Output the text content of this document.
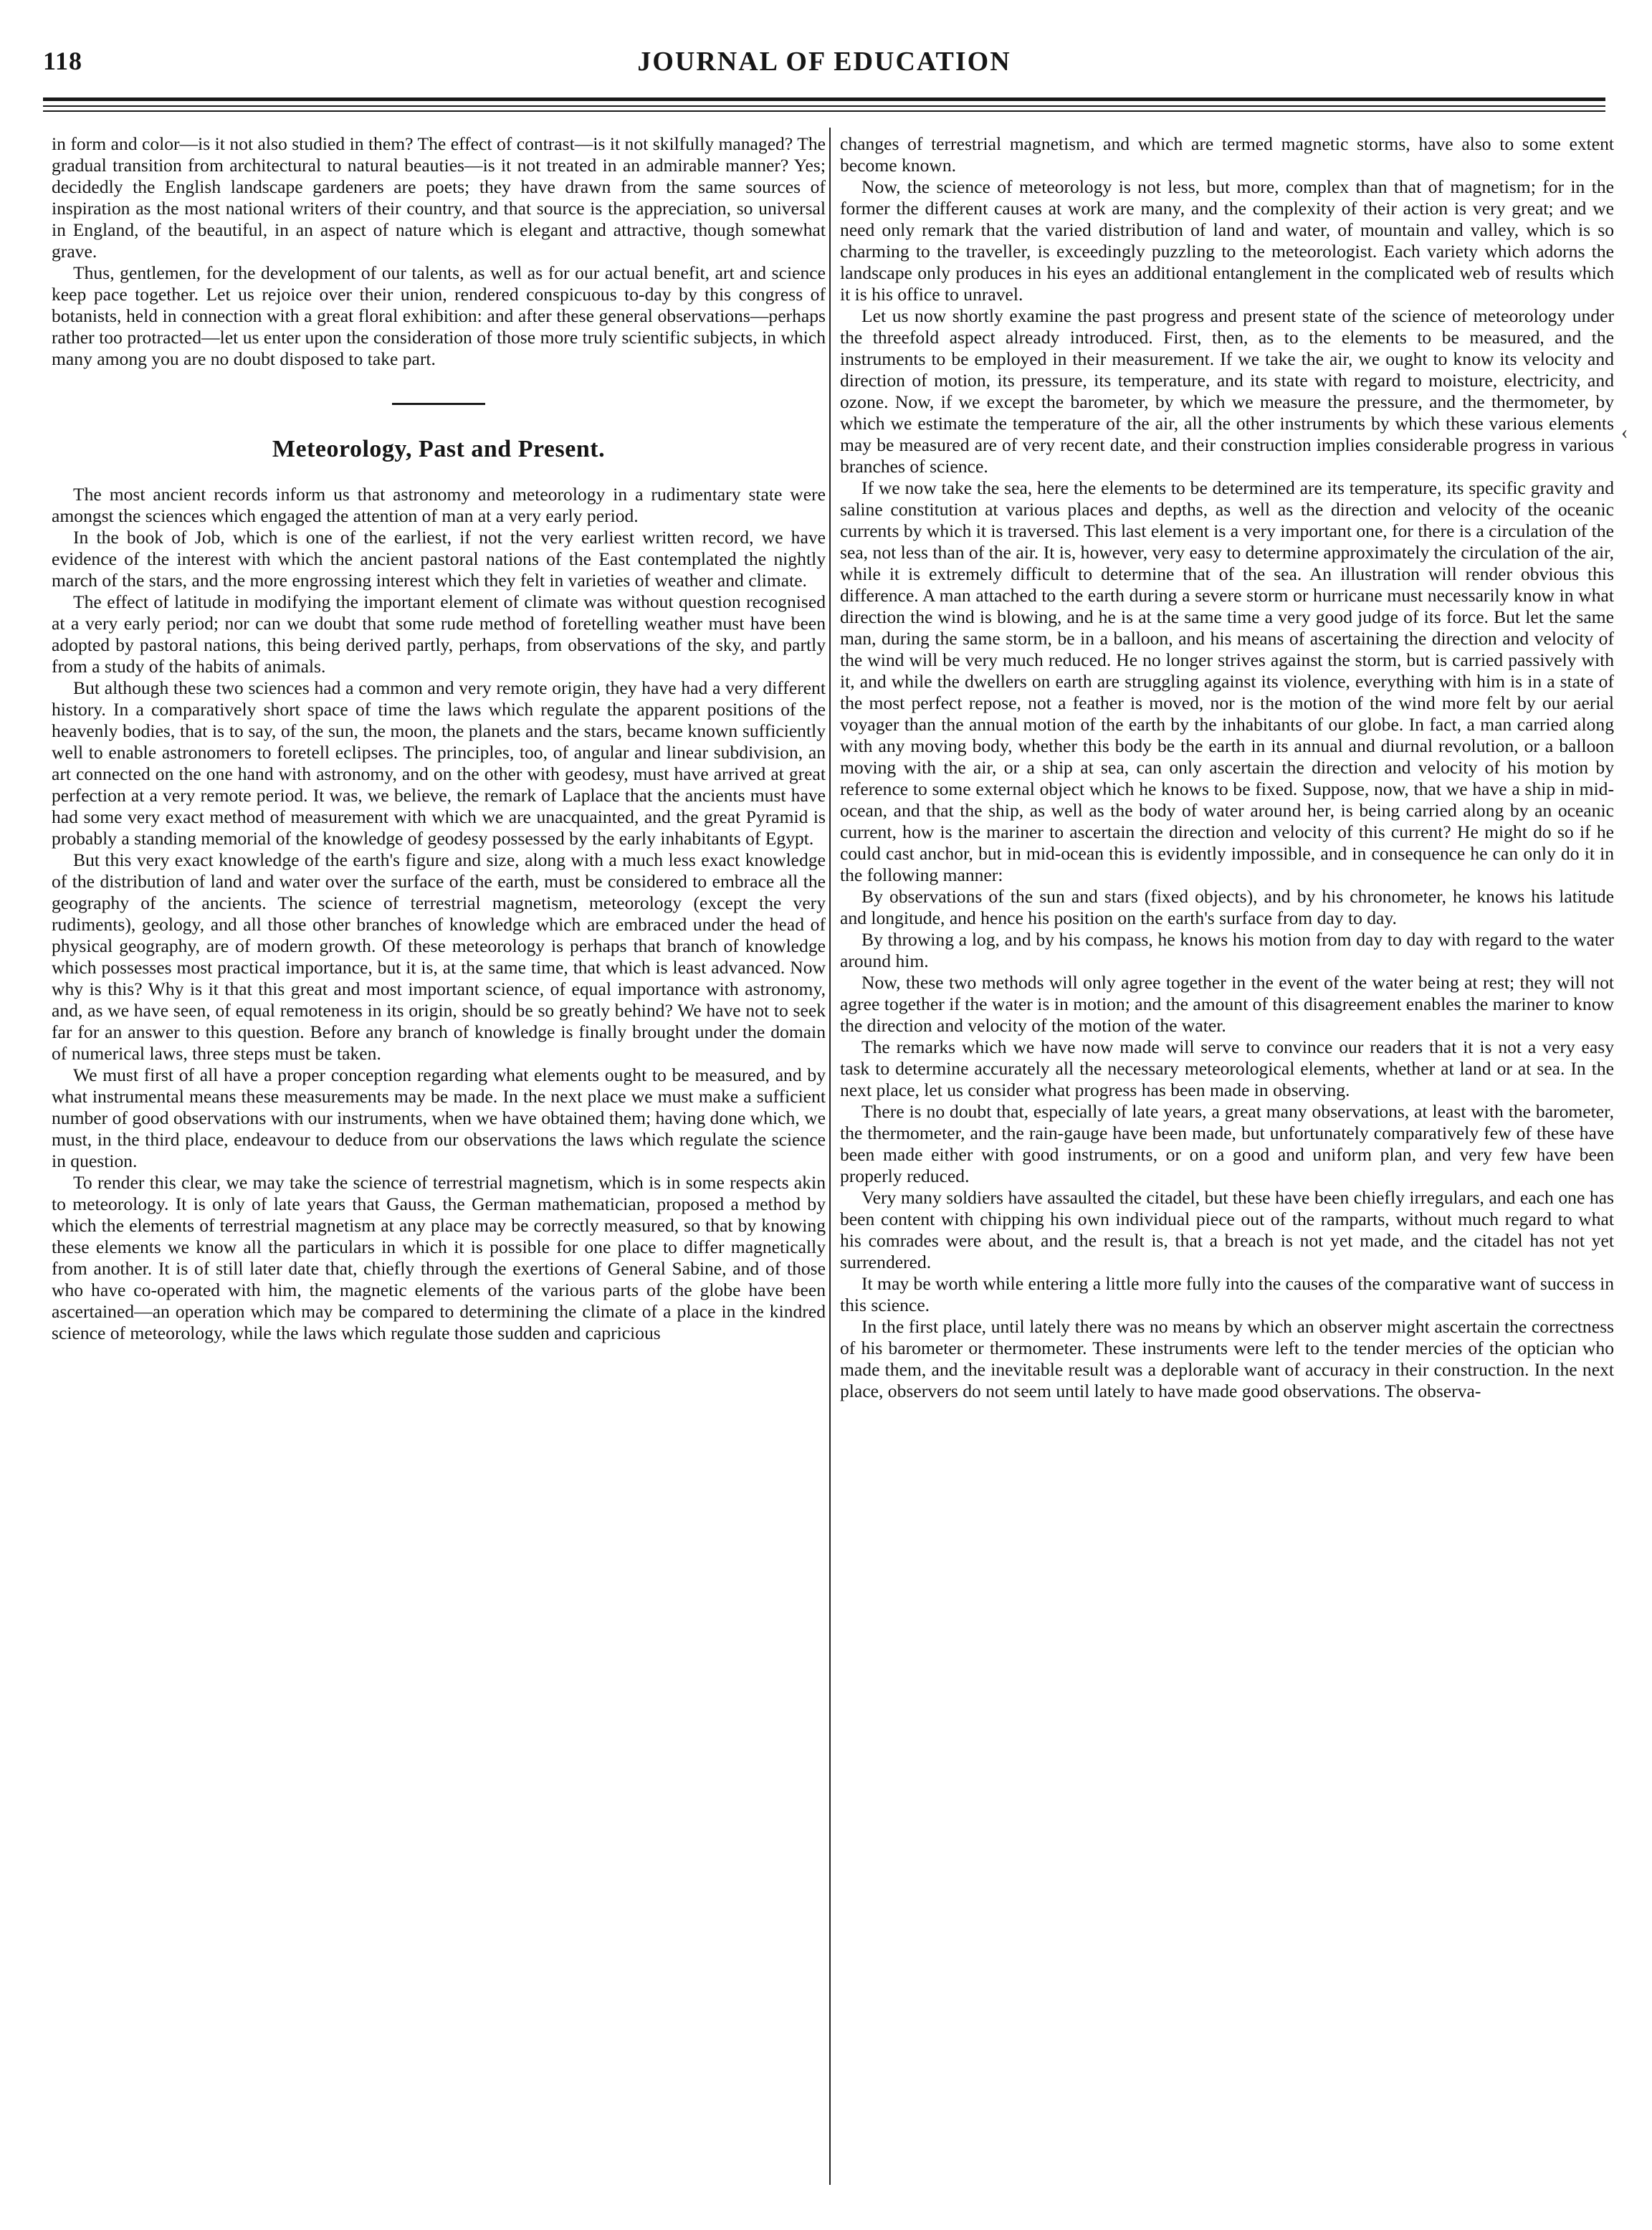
118	JOURNAL OF EDUCATION

in form and color—is it not also studied in them? The effect of contrast—is it not skilfully managed? The gradual transition from architectural to natural beauties—is it not treated in an admirable manner? Yes; decidedly the English landscape gardeners are poets; they have drawn from the same sources of inspiration as the most national writers of their country, and that source is the appreciation, so universal in England, of the beautiful, in an aspect of nature which is elegant and attractive, though somewhat grave.

Thus, gentlemen, for the development of our talents, as well as for our actual benefit, art and science keep pace together. Let us rejoice over their union, rendered conspicuous to-day by this congress of botanists, held in connection with a great floral exhibition: and after these general observations—perhaps rather too protracted—let us enter upon the consideration of those more truly scientific subjects, in which many among you are no doubt disposed to take part.

Meteorology, Past and Present.

The most ancient records inform us that astronomy and meteorology in a rudimentary state were amongst the sciences which engaged the attention of man at a very early period.

In the book of Job, which is one of the earliest, if not the very earliest written record, we have evidence of the interest with which the ancient pastoral nations of the East contemplated the nightly march of the stars, and the more engrossing interest which they felt in varieties of weather and climate.

The effect of latitude in modifying the important element of climate was without question recognised at a very early period; nor can we doubt that some rude method of foretelling weather must have been adopted by pastoral nations, this being derived partly, perhaps, from observations of the sky, and partly from a study of the habits of animals.

But although these two sciences had a common and very remote origin, they have had a very different history. In a comparatively short space of time the laws which regulate the apparent positions of the heavenly bodies, that is to say, of the sun, the moon, the planets and the stars, became known sufficiently well to enable astronomers to foretell eclipses. The principles, too, of angular and linear subdivision, an art connected on the one hand with astronomy, and on the other with geodesy, must have arrived at great perfection at a very remote period. It was, we believe, the remark of Laplace that the ancients must have had some very exact method of measurement with which we are unacquainted, and the great Pyramid is probably a standing memorial of the knowledge of geodesy possessed by the early inhabitants of Egypt.

But this very exact knowledge of the earth's figure and size, along with a much less exact knowledge of the distribution of land and water over the surface of the earth, must be considered to embrace all the geography of the ancients. The science of terrestrial magnetism, meteorology (except the very rudiments), geology, and all those other branches of knowledge which are embraced under the head of physical geography, are of modern growth. Of these meteorology is perhaps that branch of knowledge which possesses most practical importance, but it is, at the same time, that which is least advanced. Now why is this? Why is it that this great and most important science, of equal importance with astronomy, and, as we have seen, of equal remoteness in its origin, should be so greatly behind? We have not to seek far for an answer to this question. Before any branch of knowledge is finally brought under the domain of numerical laws, three steps must be taken.

We must first of all have a proper conception regarding what elements ought to be measured, and by what instrumental means these measurements may be made. In the next place we must make a sufficient number of good observations with our instruments, when we have obtained them; having done which, we must, in the third place, endeavour to deduce from our observations the laws which regulate the science in question.

To render this clear, we may take the science of terrestrial magnetism, which is in some respects akin to meteorology. It is only of late years that Gauss, the German mathematician, proposed a method by which the elements of terrestrial magnetism at any place may be correctly measured, so that by knowing these elements we know all the particulars in which it is possible for one place to differ magnetically from another. It is of still later date that, chiefly through the exertions of General Sabine, and of those who have co-operated with him, the magnetic elements of the various parts of the globe have been ascertained—an operation which may be compared to determining the climate of a place in the kindred science of meteorology, while the laws which regulate those sudden and capricious

changes of terrestrial magnetism, and which are termed magnetic storms, have also to some extent become known.

Now, the science of meteorology is not less, but more, complex than that of magnetism; for in the former the different causes at work are many, and the complexity of their action is very great; and we need only remark that the varied distribution of land and water, of mountain and valley, which is so charming to the traveller, is exceedingly puzzling to the meteorologist. Each variety which adorns the landscape only produces in his eyes an additional entanglement in the complicated web of results which it is his office to unravel.

Let us now shortly examine the past progress and present state of the science of meteorology under the threefold aspect already introduced. First, then, as to the elements to be measured, and the instruments to be employed in their measurement. If we take the air, we ought to know its velocity and direction of motion, its pressure, its temperature, and its state with regard to moisture, electricity, and ozone. Now, if we except the barometer, by which we measure the pressure, and the thermometer, by which we estimate the temperature of the air, all the other instruments by which these various elements may be measured are of very recent date, and their construction implies considerable progress in various branches of science.

If we now take the sea, here the elements to be determined are its temperature, its specific gravity and saline constitution at various places and depths, as well as the direction and velocity of the oceanic currents by which it is traversed. This last element is a very important one, for there is a circulation of the sea, not less than of the air. It is, however, very easy to determine approximately the circulation of the air, while it is extremely difficult to determine that of the sea. An illustration will render obvious this difference. A man attached to the earth during a severe storm or hurricane must necessarily know in what direction the wind is blowing, and he is at the same time a very good judge of its force. But let the same man, during the same storm, be in a balloon, and his means of ascertaining the direction and velocity of the wind will be very much reduced. He no longer strives against the storm, but is carried passively with it, and while the dwellers on earth are struggling against its violence, everything with him is in a state of the most perfect repose, not a feather is moved, nor is the motion of the wind more felt by our aerial voyager than the annual motion of the earth by the inhabitants of our globe. In fact, a man carried along with any moving body, whether this body be the earth in its annual and diurnal revolution, or a balloon moving with the air, or a ship at sea, can only ascertain the direction and velocity of his motion by reference to some external object which he knows to be fixed. Suppose, now, that we have a ship in mid-ocean, and that the ship, as well as the body of water around her, is being carried along by an oceanic current, how is the mariner to ascertain the direction and velocity of this current? He might do so if he could cast anchor, but in mid-ocean this is evidently impossible, and in consequence he can only do it in the following manner:

By observations of the sun and stars (fixed objects), and by his chronometer, he knows his latitude and longitude, and hence his position on the earth's surface from day to day.

By throwing a log, and by his compass, he knows his motion from day to day with regard to the water around him.

Now, these two methods will only agree together in the event of the water being at rest; they will not agree together if the water is in motion; and the amount of this disagreement enables the mariner to know the direction and velocity of the motion of the water.

The remarks which we have now made will serve to convince our readers that it is not a very easy task to determine accurately all the necessary meteorological elements, whether at land or at sea. In the next place, let us consider what progress has been made in observing.

There is no doubt that, especially of late years, a great many observations, at least with the barometer, the thermometer, and the rain-gauge have been made, but unfortunately comparatively few of these have been made either with good instruments, or on a good and uniform plan, and very few have been properly reduced.

Very many soldiers have assaulted the citadel, but these have been chiefly irregulars, and each one has been content with chipping his own individual piece out of the ramparts, without much regard to what his comrades were about, and the result is, that a breach is not yet made, and the citadel has not yet surrendered.

It may be worth while entering a little more fully into the causes of the comparative want of success in this science.

In the first place, until lately there was no means by which an observer might ascertain the correctness of his barometer or thermometer. These instruments were left to the tender mercies of the optician who made them, and the inevitable result was a deplorable want of accuracy in their construction. In the next place, observers do not seem until lately to have made good observations. The observa-

‹
